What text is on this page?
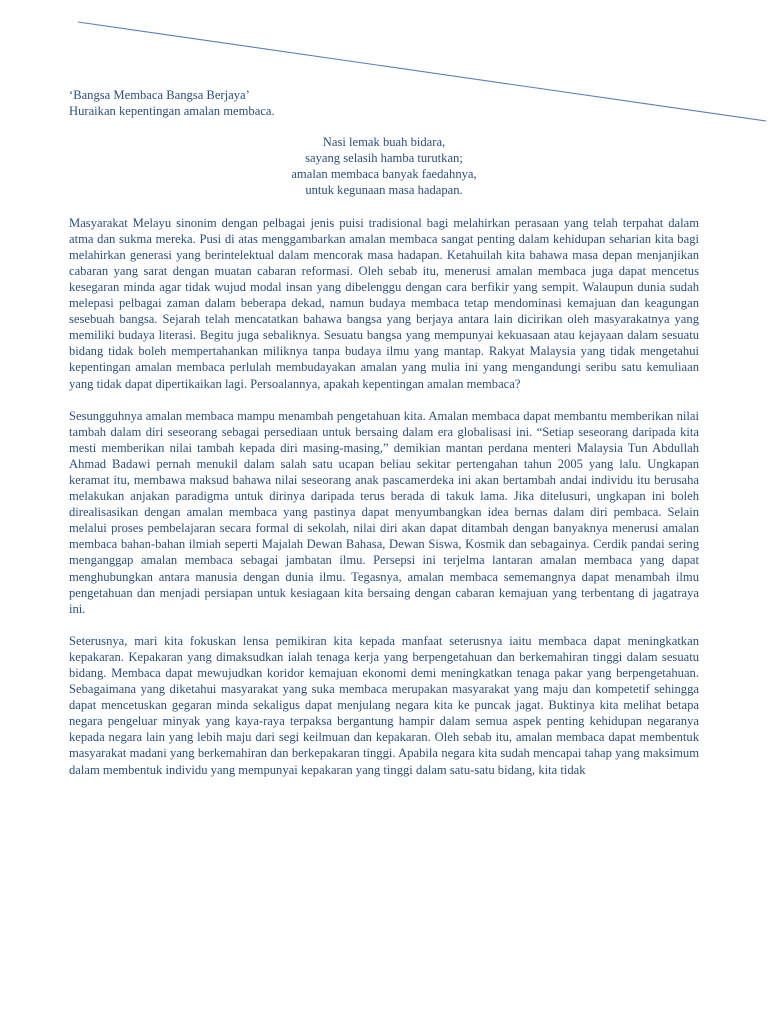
‘Bangsa Membaca Bangsa Berjaya’
Huraikan kepentingan amalan membaca.
Nasi lemak buah bidara,
sayang selasih hamba turutkan;
amalan membaca banyak faedahnya,
untuk kegunaan masa hadapan.

Masyarakat Melayu sinonim dengan pelbagai jenis puisi tradisional bagi melahirkan perasaan yang telah terpahat dalam atma dan sukma mereka. Pusi di atas menggambarkan amalan membaca sangat penting dalam kehidupan seharian kita bagi melahirkan generasi yang berintelektual dalam mencorak masa hadapan. Ketahuilah kita bahawa masa depan menjanjikan cabaran yang sarat dengan muatan cabaran reformasi. Oleh sebab itu, menerusi amalan membaca juga dapat mencetus kesegaran minda agar tidak wujud modal insan yang dibelenggu dengan cara berfikir yang sempit. Walaupun dunia sudah melepasi pelbagai zaman dalam beberapa dekad, namun budaya membaca tetap mendominasi kemajuan dan keagungan sesebuah bangsa. Sejarah telah mencatatkan bahawa bangsa yang berjaya antara lain dicirikan oleh masyarakatnya yang memiliki budaya literasi. Begitu juga sebaliknya. Sesuatu bangsa yang mempunyai kekuasaan atau kejayaan dalam sesuatu bidang tidak boleh mempertahankan miliknya tanpa budaya ilmu yang mantap. Rakyat Malaysia yang tidak mengetahui kepentingan amalan membaca perlulah membudayakan amalan yang mulia ini yang mengandungi seribu satu kemuliaan yang tidak dapat dipertikaikan lagi. Persoalannya, apakah kepentingan amalan membaca?

Sesungguhnya amalan membaca mampu menambah pengetahuan kita. Amalan membaca dapat membantu memberikan nilai tambah dalam diri seseorang sebagai persediaan untuk bersaing dalam era globalisasi ini. “Setiap seseorang daripada kita mesti memberikan nilai tambah kepada diri masing-masing,” demikian mantan perdana menteri Malaysia Tun Abdullah Ahmad Badawi pernah menukil dalam salah satu ucapan beliau sekitar pertengahan tahun 2005 yang lalu. Ungkapan keramat itu, membawa maksud bahawa nilai seseorang anak pascamerdeka ini akan bertambah andai individu itu berusaha melakukan anjakan paradigma untuk dirinya daripada terus berada di takuk lama. Jika ditelusuri, ungkapan ini boleh direalisasikan dengan amalan membaca yang pastinya dapat menyumbangkan idea bernas dalam diri pembaca. Selain melalui proses pembelajaran secara formal di sekolah, nilai diri akan dapat ditambah dengan banyaknya menerusi amalan membaca bahan-bahan ilmiah seperti Majalah Dewan Bahasa, Dewan Siswa, Kosmik dan sebagainya. Cerdik pandai sering menganggap amalan membaca sebagai jambatan ilmu. Persepsi ini terjelma lantaran amalan membaca yang dapat menghubungkan antara manusia dengan dunia ilmu. Tegasnya, amalan membaca sememangnya dapat menambah ilmu pengetahuan dan menjadi persiapan untuk kesiagaan kita bersaing dengan cabaran kemajuan yang terbentang di jagatraya ini.

Seterusnya, mari kita fokuskan lensa pemikiran kita kepada manfaat seterusnya iaitu membaca dapat meningkatkan kepakaran. Kepakaran yang dimaksudkan ialah tenaga kerja yang berpengetahuan dan berkemahiran tinggi dalam sesuatu bidang. Membaca dapat mewujudkan koridor kemajuan ekonomi demi meningkatkan tenaga pakar yang berpengetahuan. Sebagaimana yang diketahui masyarakat yang suka membaca merupakan masyarakat yang maju dan kompetetif sehingga dapat mencetuskan gegaran minda sekaligus dapat menjulang negara kita ke puncak jagat. Buktinya kita melihat betapa negara pengeluar minyak yang kaya-raya terpaksa bergantung hampir dalam semua aspek penting kehidupan negaranya kepada negara lain yang lebih maju dari segi keilmuan dan kepakaran. Oleh sebab itu, amalan membaca dapat membentuk masyarakat madani yang berkemahiran dan berkepakaran tinggi. Apabila negara kita sudah mencapai tahap yang maksimum dalam membentuk individu yang mempunyai kepakaran yang tinggi dalam satu-satu bidang, kita tidak
